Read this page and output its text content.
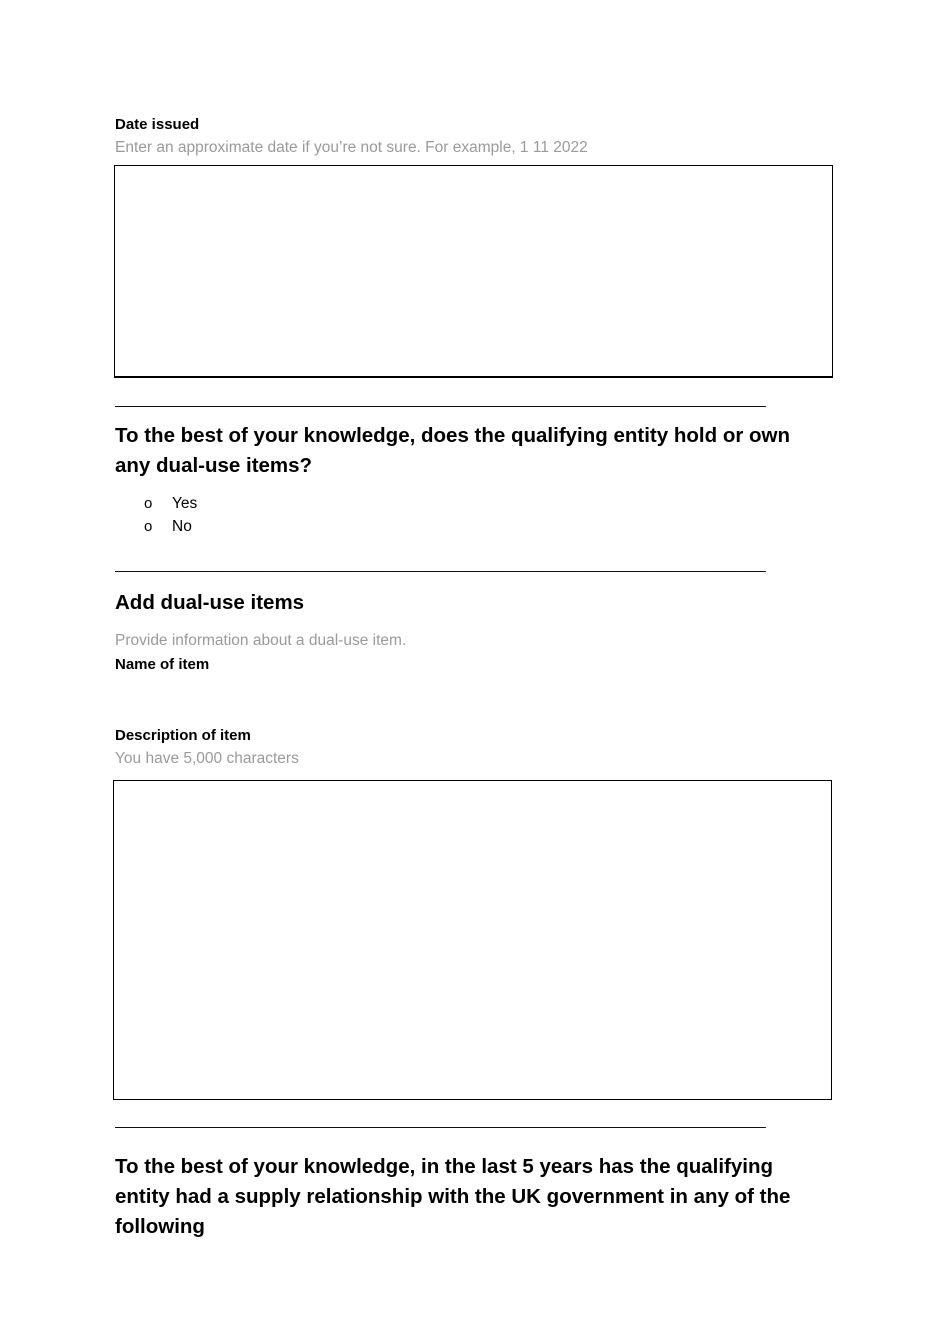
Date issued
Enter an approximate date if you’re not sure. For example, 1 11 2022
______________________________________________________________________________
To the best of your knowledge, does the qualifying entity hold or own any dual-use items?
o Yes
o No
______________________________________________________________________________
Add dual-use items
Provide information about a dual-use item.
Name of item
Description of item
You have 5,000 characters
______________________________________________________________________________
To the best of your knowledge, in the last 5 years has the qualifying entity had a supply relationship with the UK government in any of the following
